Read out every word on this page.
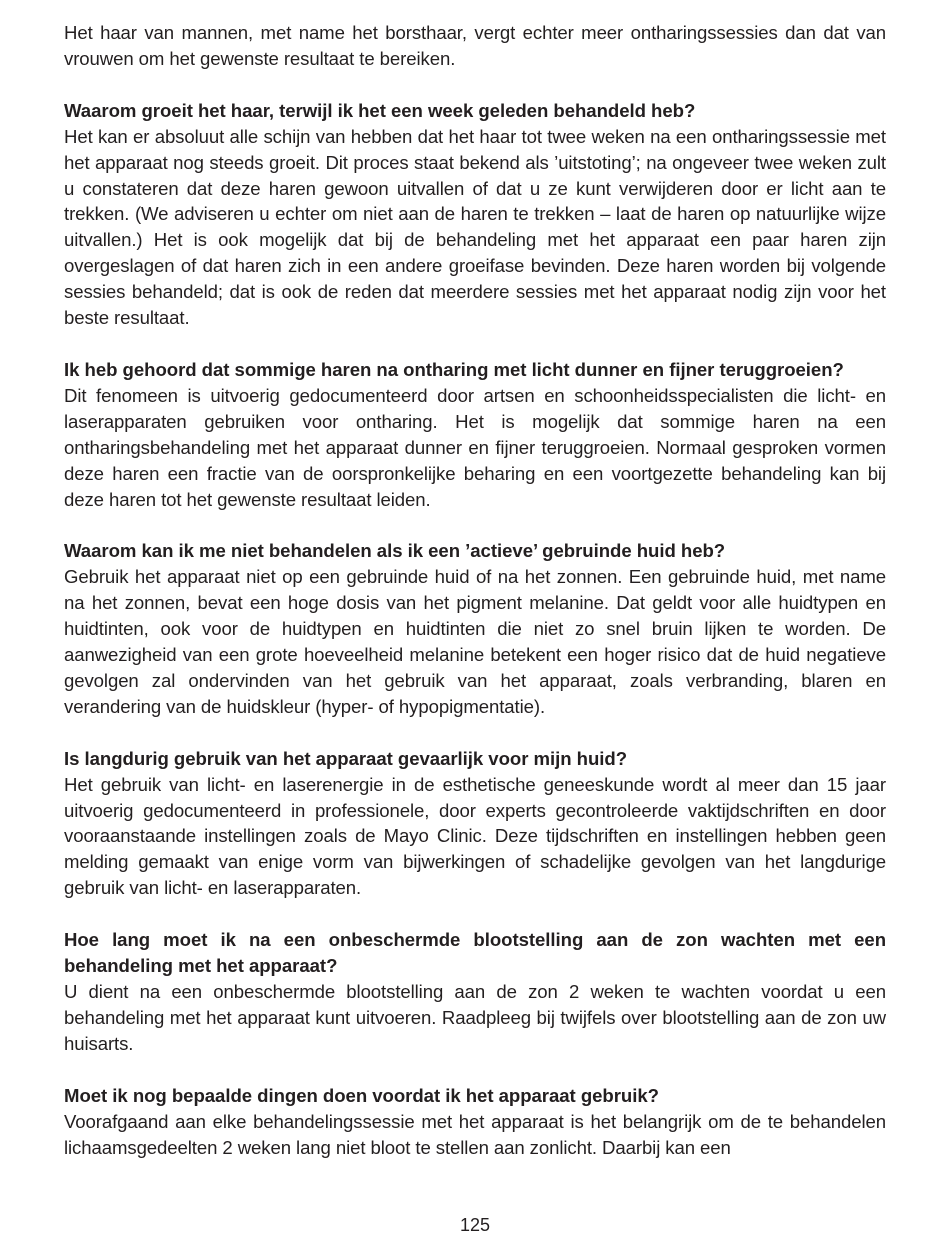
Het haar van mannen, met name het borsthaar, vergt echter meer ontharingssessies dan dat van vrouwen om het gewenste resultaat te bereiken.

Waarom groeit het haar, terwijl ik het een week geleden behandeld heb?

Het kan er absoluut alle schijn van hebben dat het haar tot twee weken na een ontharingssessie met het apparaat nog steeds groeit. Dit proces staat bekend als ’uitstoting’; na ongeveer twee weken zult u constateren dat deze haren gewoon uitvallen of dat u ze kunt verwijderen door er licht aan te trekken. (We adviseren u echter om niet aan de haren te trekken – laat de haren op natuurlijke wijze uitvallen.) Het is ook mogelijk dat bij de behandeling met het apparaat een paar haren zijn overgeslagen of dat haren zich in een andere groeifase bevinden. Deze haren worden bij volgende sessies behandeld; dat is ook de reden dat meerdere sessies met het apparaat nodig zijn voor het beste resultaat.

Ik heb gehoord dat sommige haren na ontharing met licht dunner en fijner teruggroeien?

Dit fenomeen is uitvoerig gedocumenteerd door artsen en schoonheidsspecialisten die licht- en laserapparaten gebruiken voor ontharing. Het is mogelijk dat sommige haren na een ontharingsbehandeling met het apparaat dunner en fijner teruggroeien. Normaal gesproken vormen deze haren een fractie van de oorspronkelijke beharing en een voortgezette behandeling kan bij deze haren tot het gewenste resultaat leiden.

Waarom kan ik me niet behandelen als ik een ’actieve’ gebruinde huid heb?

Gebruik het apparaat niet op een gebruinde huid of na het zonnen. Een gebruinde huid, met name na het zonnen, bevat een hoge dosis van het pigment melanine. Dat geldt voor alle huidtypen en huidtinten, ook voor de huidtypen en huidtinten die niet zo snel bruin lijken te worden. De aanwezigheid van een grote hoeveelheid melanine betekent een hoger risico dat de huid negatieve gevolgen zal ondervinden van het gebruik van het apparaat, zoals verbranding, blaren en verandering van de huidskleur (hyper- of hypopigmentatie).

Is langdurig gebruik van het apparaat gevaarlijk voor mijn huid?

Het gebruik van licht- en laserenergie in de esthetische geneeskunde wordt al meer dan 15 jaar uitvoerig gedocumenteerd in professionele, door experts gecontroleerde vaktijdschriften en door vooraanstaande instellingen zoals de Mayo Clinic. Deze tijdschriften en instellingen hebben geen melding gemaakt van enige vorm van bijwerkingen of schadelijke gevolgen van het langdurige gebruik van licht- en laserapparaten.

Hoe lang moet ik na een onbeschermde blootstelling aan de zon wachten met een behandeling met het apparaat?

U dient na een onbeschermde blootstelling aan de zon 2 weken te wachten voordat u een behandeling met het apparaat kunt uitvoeren. Raadpleeg bij twijfels over blootstelling aan de zon uw huisarts.

Moet ik nog bepaalde dingen doen voordat ik het apparaat gebruik?

Voorafgaand aan elke behandelingssessie met het apparaat is het belangrijk om de te behandelen lichaamsgedeelten 2 weken lang niet bloot te stellen aan zonlicht. Daarbij kan een

125
